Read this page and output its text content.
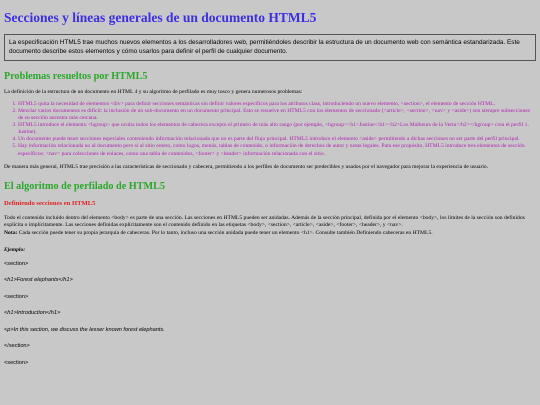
Secciones y líneas generales de un documento HTML5
La especificación HTML5 trae muchos nuevos elementos a los desarrolladores web, permitiéndoles describir la estructura de un documento web con semántica estandarizada. Este documento describe estos elementos y cómo usarlos para definir el perfil de cualquier documento.
Problemas resueltos por HTML5

La definición de la estructura de un documento en HTML 4 y su algoritmo de perfilado es muy tosco y genera numerosos problemas:

1. HTML5 quita la necesidad de elementos <div> para definir secciones semánticas sin definir valores específicos para los atributos class, introduciendo un nuevo elemento, <section>, el elemento de sección HTML.
2. Mezclar varios documentos es difícil: la inclusión de un sub-documento en un documento principal. Esto se resuelve en HTML5 con los elementos de seccionado (<article>, <section>, <nav> y <aside>) son siempre subsecciones de su sección ancestra más cercana.
3. HTML5 introduce el elemento <hgroup> que oculta todos los elementos de cabecera excepto el primero de más alto rango (por ejemplo, <hgroup><h1>Justine</h1><h2>Los Malheurs de la Vertu</h2></hgroup> crea el perfil 1. Justine).
4. Un documento puede tener secciones especiales conteniendo información relacionada que no es parte del flujo principal. HTML5 introduce el elemento <aside> permitiendo a dichas secciones no ser parte del perfil principal.
5. Hay información relacionada no al documento pero sí al sitio entero, como logos, menús, tablas de contenido, o información de derechos de autor y notas legales. Para ese propósito, HTML5 introduce tres elementos de sección específicos: <nav> para colecciones de enlaces, como una tabla de contenidos, <footer> y <header> información relacionada con el sitio.

De manera más general, HTML5 trae precisión a las características de seccionado y cabecera, permitiendo a los perfiles de documento ser predecibles y usados por el navegador para mejorar la experiencia de usuario.

El algoritmo de perfilado de HTML5
Definiendo secciones en HTML5

Todo el contenido incluido dentro del elemento <body> es parte de una sección. Las secciones en HTML5 pueden ser anidadas. Además de la sección principal, definida por el elemento <body>, los límites de la sección son definidos explícita o implícitamente. Las secciones definidas explícitamente son el contenido definido en las etiquetas <body>, <section>, <article>, <aside>, <footer>, <header>, y <nav>.
Nota: Cada sección puede tener su propia jerarquía de cabeceras. Por lo tanto, incluso una sección anidada puede tener un elemento <h1>. Consulte también Definiendo cabeceras en HTML5.

Ejemplo:
<section>
<h1>Forest elephants</h1>
<section>
<h1>Introduction</h1>
<p>In this section, we discuss the lesser known forest elephants.
</section>
<section>
